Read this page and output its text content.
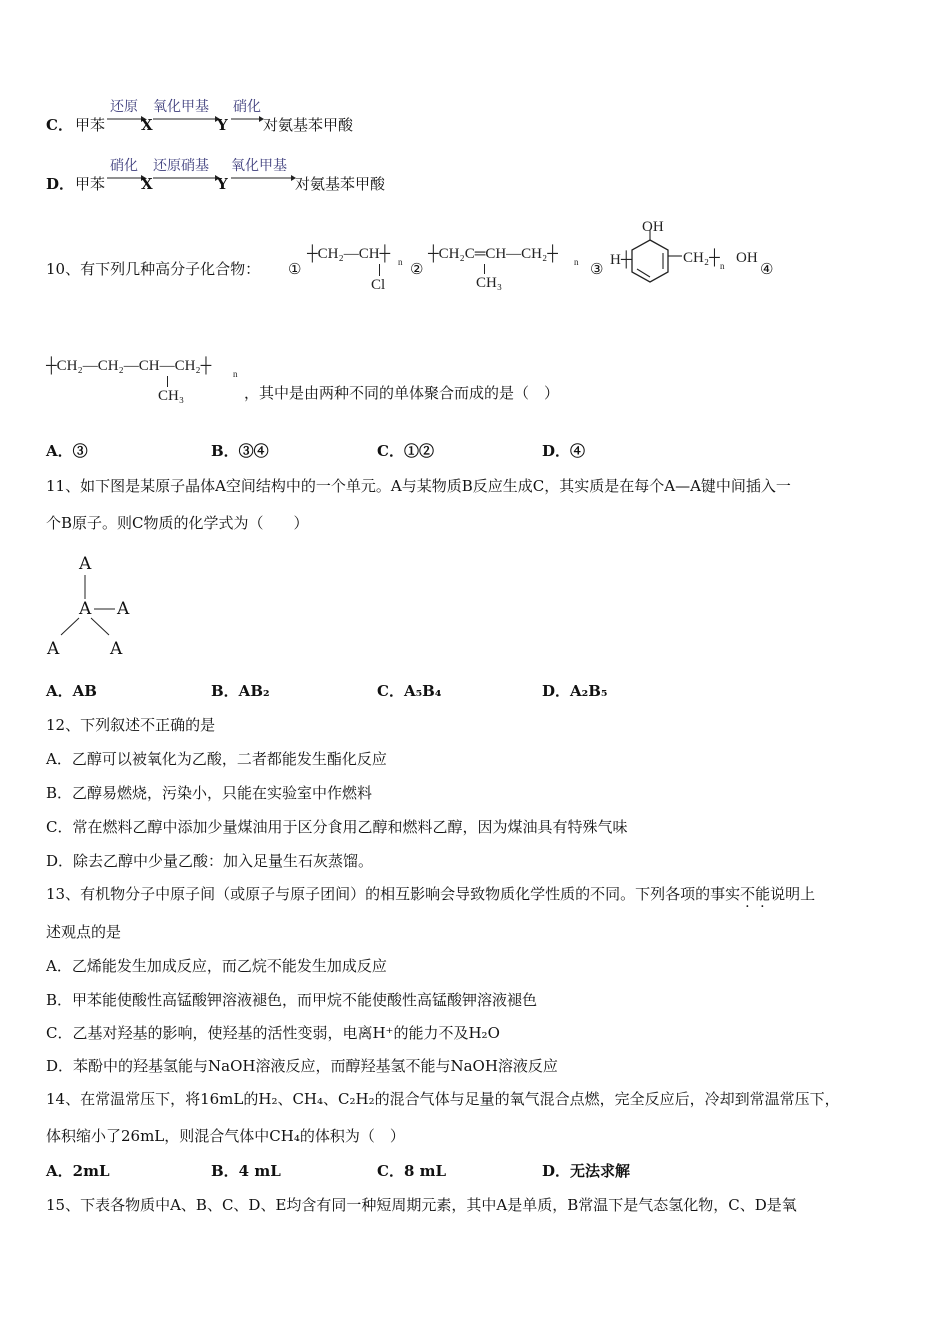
还原 氧化甲基 硝化
C． 甲苯 X	Y 对氨基苯甲酸
硝化 还原硝基 氧化甲基
D． 甲苯 X	Y	对氨基苯甲酸
10、有下列几种高分子化合物： ①
┼CH₂—CH┼ n
Cl
②
┼CH₂C═CH—CH₂┼ n
CH₃
③ H┼
OH
CH₂┼ n OH
④
┼CH₂—CH₂—CH—CH₂┼ n
CH₃	，其中是由两种不同的单体聚合而成的是（　）
A．③	B．③④	C．①②	D．④
11、如下图是某原子晶体A空间结构中的一个单元。A与某物质B反应生成C，其实质是在每个A—A键中间插入一
个B原子。则C物质的化学式为（　　）
A
A A
A	A
A．AB	B．AB₂	C．A₅B₄	D．A₂B₅
12、下列叙述不正确的是
A．乙醇可以被氧化为乙酸，二者都能发生酯化反应
B．乙醇易燃烧，污染小，只能在实验室中作燃料
C．常在燃料乙醇中添加少量煤油用于区分食用乙醇和燃料乙醇，因为煤油具有特殊气味
D．除去乙醇中少量乙酸：加入足量生石灰蒸馏。
13、有机物分子中原子间（或原子与原子团间）的相互影响会导致物质化学性质的不同。下列各项的事实不能说明上
述观点的是
A．乙烯能发生加成反应，而乙烷不能发生加成反应
B．甲苯能使酸性高锰酸钾溶液褪色，而甲烷不能使酸性高锰酸钾溶液褪色
C．乙基对羟基的影响，使羟基的活性变弱，电离H⁺的能力不及H₂O
D．苯酚中的羟基氢能与NaOH溶液反应，而醇羟基氢不能与NaOH溶液反应
14、在常温常压下，将16mL的H₂、CH₄、C₂H₂的混合气体与足量的氧气混合点燃，完全反应后，冷却到常温常压下，
体积缩小了26mL，则混合气体中CH₄的体积为（　）
A．2mL	B．4 mL	C．8 mL	D．无法求解
15、下表各物质中A、B、C、D、E均含有同一种短周期元素，其中A是单质，B常温下是气态氢化物，C、D是氧
